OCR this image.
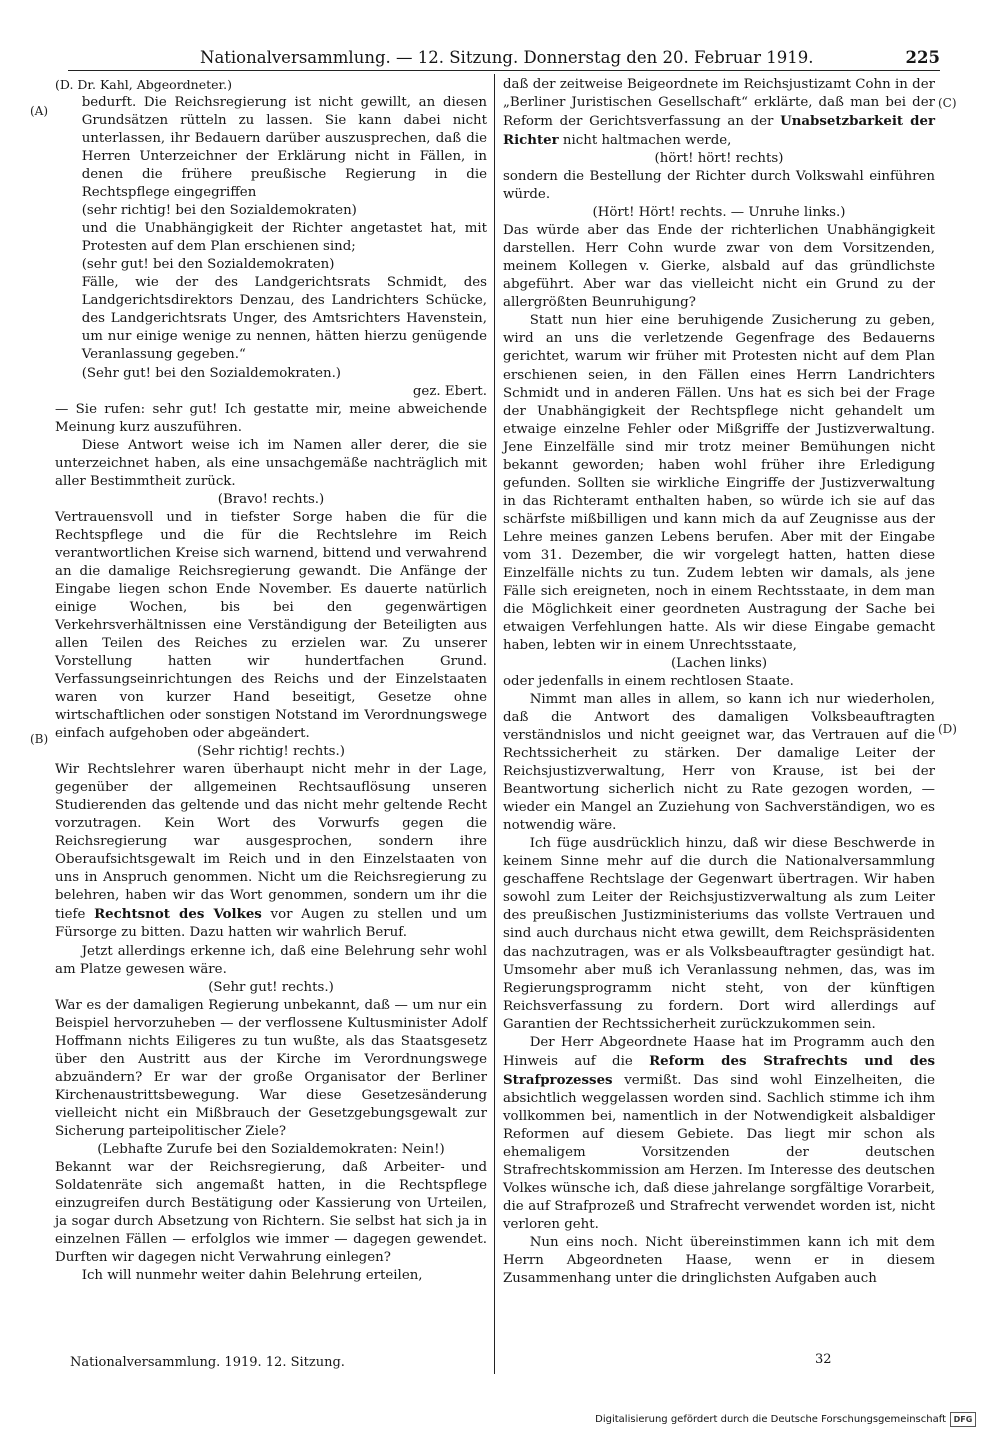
Nationalversammlung. — 12. Sitzung. Donnerstag den 20. Februar 1919.	225

(D. Dr. Kahl, Abgeordneter.)

bedurft. Die Reichsregierung ist nicht gewillt, an diesen Grundsätzen rütteln zu lassen. Sie kann dabei nicht unterlassen, ihr Bedauern darüber auszusprechen, daß die Herren Unterzeichner der Erklärung nicht in Fällen, in denen die frühere preußische Regierung in die Rechtspflege eingegriffen

(sehr richtig! bei den Sozialdemokraten)

und die Unabhängigkeit der Richter angetastet hat, mit Protesten auf dem Plan erschienen sind;

(sehr gut! bei den Sozialdemokraten)

Fälle, wie der des Landgerichtsrats Schmidt, des Landgerichtsdirektors Denzau, des Landrichters Schücke, des Landgerichtsrats Unger, des Amtsrichters Havenstein, um nur einige wenige zu nennen, hätten hierzu genügende Veranlassung gegeben.“

(Sehr gut! bei den Sozialdemokraten.)

gez. Ebert.

— Sie rufen: sehr gut! Ich gestatte mir, meine abweichende Meinung kurz auszuführen.

Diese Antwort weise ich im Namen aller derer, die sie unterzeichnet haben, als eine unsachgemäße nachträglich mit aller Bestimmtheit zurück.

(Bravo! rechts.)

Vertrauensvoll und in tiefster Sorge haben die für die Rechtspflege und die für die Rechtslehre im Reich verantwortlichen Kreise sich warnend, bittend und verwahrend an die damalige Reichsregierung gewandt. Die Anfänge der Eingabe liegen schon Ende November. Es dauerte natürlich einige Wochen, bis bei den gegenwärtigen Verkehrsverhältnissen eine Verständigung der Beteiligten aus allen Teilen des Reiches zu erzielen war. Zu unserer Vorstellung hatten wir hundertfachen Grund. Verfassungseinrichtungen des Reichs und der Einzelstaaten waren von kurzer Hand beseitigt, Gesetze ohne wirtschaftlichen oder sonstigen Notstand im Verordnungswege einfach aufgehoben oder abgeändert.

(Sehr richtig! rechts.)

Wir Rechtslehrer waren überhaupt nicht mehr in der Lage, gegenüber der allgemeinen Rechtsauflösung unseren Studierenden das geltende und das nicht mehr geltende Recht vorzutragen. Kein Wort des Vorwurfs gegen die Reichsregierung war ausgesprochen, sondern ihre Oberaufsichtsgewalt im Reich und in den Einzelstaaten von uns in Anspruch genommen. Nicht um die Reichsregierung zu belehren, haben wir das Wort genommen, sondern um ihr die tiefe Rechtsnot des Volkes vor Augen zu stellen und um Fürsorge zu bitten. Dazu hatten wir wahrlich Beruf.

Jetzt allerdings erkenne ich, daß eine Belehrung sehr wohl am Platze gewesen wäre.

(Sehr gut! rechts.)

War es der damaligen Regierung unbekannt, daß — um nur ein Beispiel hervorzuheben — der verflossene Kultusminister Adolf Hoffmann nichts Eiligeres zu tun wußte, als das Staatsgesetz über den Austritt aus der Kirche im Verordnungswege abzuändern? Er war der große Organisator der Berliner Kirchenaustrittsbewegung. War diese Gesetzesänderung vielleicht nicht ein Mißbrauch der Gesetzgebungsgewalt zur Sicherung parteipolitischer Ziele?

(Lebhafte Zurufe bei den Sozialdemokraten: Nein!)

Bekannt war der Reichsregierung, daß Arbeiter- und Soldatenräte sich angemaßt hatten, in die Rechtspflege einzugreifen durch Bestätigung oder Kassierung von Urteilen, ja sogar durch Absetzung von Richtern. Sie selbst hat sich ja in einzelnen Fällen — erfolglos wie immer — dagegen gewendet. Durften wir dagegen nicht Verwahrung einlegen?

Ich will nunmehr weiter dahin Belehrung erteilen,

daß der zeitweise Beigeordnete im Reichsjustizamt Cohn in der „Berliner Juristischen Gesellschaft“ erklärte, daß man bei der Reform der Gerichtsverfassung an der Unabsetzbarkeit der Richter nicht haltmachen werde,

(hört! hört! rechts)

sondern die Bestellung der Richter durch Volkswahl einführen würde.

(Hört! Hört! rechts. — Unruhe links.)

Das würde aber das Ende der richterlichen Unabhängigkeit darstellen. Herr Cohn wurde zwar von dem Vorsitzenden, meinem Kollegen v. Gierke, alsbald auf das gründlichste abgeführt. Aber war das vielleicht nicht ein Grund zu der allergrößten Beunruhigung?

Statt nun hier eine beruhigende Zusicherung zu geben, wird an uns die verletzende Gegenfrage des Bedauerns gerichtet, warum wir früher mit Protesten nicht auf dem Plan erschienen seien, in den Fällen eines Herrn Landrichters Schmidt und in anderen Fällen. Uns hat es sich bei der Frage der Unabhängigkeit der Rechtspflege nicht gehandelt um etwaige einzelne Fehler oder Mißgriffe der Justizverwaltung. Jene Einzelfälle sind mir trotz meiner Bemühungen nicht bekannt geworden; haben wohl früher ihre Erledigung gefunden. Sollten sie wirkliche Eingriffe der Justizverwaltung in das Richteramt enthalten haben, so würde ich sie auf das schärfste mißbilligen und kann mich da auf Zeugnisse aus der Lehre meines ganzen Lebens berufen. Aber mit der Eingabe vom 31. Dezember, die wir vorgelegt hatten, hatten diese Einzelfälle nichts zu tun. Zudem lebten wir damals, als jene Fälle sich ereigneten, noch in einem Rechtsstaate, in dem man die Möglichkeit einer geordneten Austragung der Sache bei etwaigen Verfehlungen hatte. Als wir diese Eingabe gemacht haben, lebten wir in einem Unrechtsstaate,

(Lachen links)

oder jedenfalls in einem rechtlosen Staate.

Nimmt man alles in allem, so kann ich nur wiederholen, daß die Antwort des damaligen Volksbeauftragten verständnislos und nicht geeignet war, das Vertrauen auf die Rechtssicherheit zu stärken. Der damalige Leiter der Reichsjustizverwaltung, Herr von Krause, ist bei der Beantwortung sicherlich nicht zu Rate gezogen worden, — wieder ein Mangel an Zuziehung von Sachverständigen, wo es notwendig wäre.

Ich füge ausdrücklich hinzu, daß wir diese Beschwerde in keinem Sinne mehr auf die durch die Nationalversammlung geschaffene Rechtslage der Gegenwart übertragen. Wir haben sowohl zum Leiter der Reichsjustizverwaltung als zum Leiter des preußischen Justizministeriums das vollste Vertrauen und sind auch durchaus nicht etwa gewillt, dem Reichspräsidenten das nachzutragen, was er als Volksbeauftragter gesündigt hat. Umsomehr aber muß ich Veranlassung nehmen, das, was im Regierungsprogramm nicht steht, von der künftigen Reichsverfassung zu fordern. Dort wird allerdings auf Garantien der Rechtssicherheit zurückzukommen sein.

Der Herr Abgeordnete Haase hat im Programm auch den Hinweis auf die Reform des Strafrechts und des Strafprozesses vermißt. Das sind wohl Einzelheiten, die absichtlich weggelassen worden sind. Sachlich stimme ich ihm vollkommen bei, namentlich in der Notwendigkeit alsbaldiger Reformen auf diesem Gebiete. Das liegt mir schon als ehemaligem Vorsitzenden der deutschen Strafrechtskommission am Herzen. Im Interesse des deutschen Volkes wünsche ich, daß diese jahrelange sorgfältige Vorarbeit, die auf Strafprozeß und Strafrecht verwendet worden ist, nicht verloren geht.

Nun eins noch. Nicht übereinstimmen kann ich mit dem Herrn Abgeordneten Haase, wenn er in diesem Zusammenhang unter die dringlichsten Aufgaben auch

(A)
(B)
(C)
(D)
Nationalversammlung. 1919. 12. Sitzung.	32
Digitalisierung gefördert durch die Deutsche Forschungsgemeinschaft DFG
